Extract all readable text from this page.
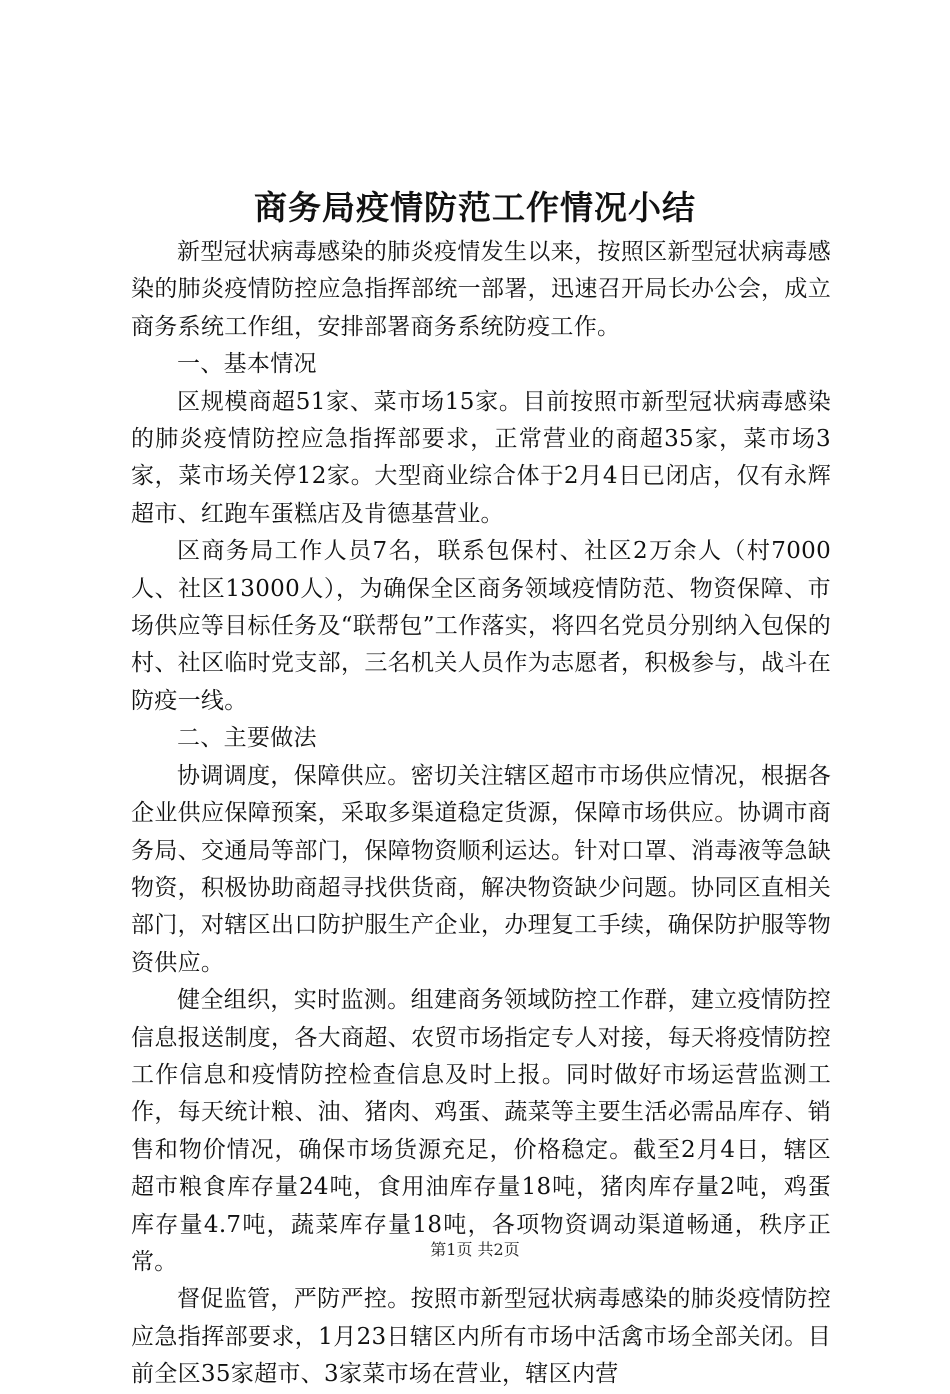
商务局疫情防范工作情况小结

新型冠状病毒感染的肺炎疫情发生以来，按照区新型冠状病毒感染的肺炎疫情防控应急指挥部统一部署，迅速召开局长办公会，成立商务系统工作组，安排部署商务系统防疫工作。

一、基本情况

区规模商超51家、菜市场15家。目前按照市新型冠状病毒感染的肺炎疫情防控应急指挥部要求，正常营业的商超35家，菜市场3家，菜市场关停12家。大型商业综合体于2月4日已闭店，仅有永辉超市、红跑车蛋糕店及肯德基营业。

区商务局工作人员7名，联系包保村、社区2万余人（村7000人、社区13000人），为确保全区商务领域疫情防范、物资保障、市场供应等目标任务及“联帮包”工作落实，将四名党员分别纳入包保的村、社区临时党支部，三名机关人员作为志愿者，积极参与，战斗在防疫一线。

二、主要做法

协调调度，保障供应。密切关注辖区超市市场供应情况，根据各企业供应保障预案，采取多渠道稳定货源，保障市场供应。协调市商务局、交通局等部门，保障物资顺利运达。针对口罩、消毒液等急缺物资，积极协助商超寻找供货商，解决物资缺少问题。协同区直相关部门，对辖区出口防护服生产企业，办理复工手续，确保防护服等物资供应。

健全组织，实时监测。组建商务领域防控工作群，建立疫情防控信息报送制度，各大商超、农贸市场指定专人对接，每天将疫情防控工作信息和疫情防控检查信息及时上报。同时做好市场运营监测工作，每天统计粮、油、猪肉、鸡蛋、蔬菜等主要生活必需品库存、销售和物价情况，确保市场货源充足，价格稳定。截至2月4日，辖区超市粮食库存量24吨，食用油库存量18吨，猪肉库存量2吨，鸡蛋库存量4.7吨，蔬菜库存量18吨，各项物资调动渠道畅通，秩序正常。

督促监管，严防严控。按照市新型冠状病毒感染的肺炎疫情防控应急指挥部要求，1月23日辖区内所有市场中活禽市场全部关闭。目前全区35家超市、3家菜市场在营业，辖区内营

第1页 共2页
